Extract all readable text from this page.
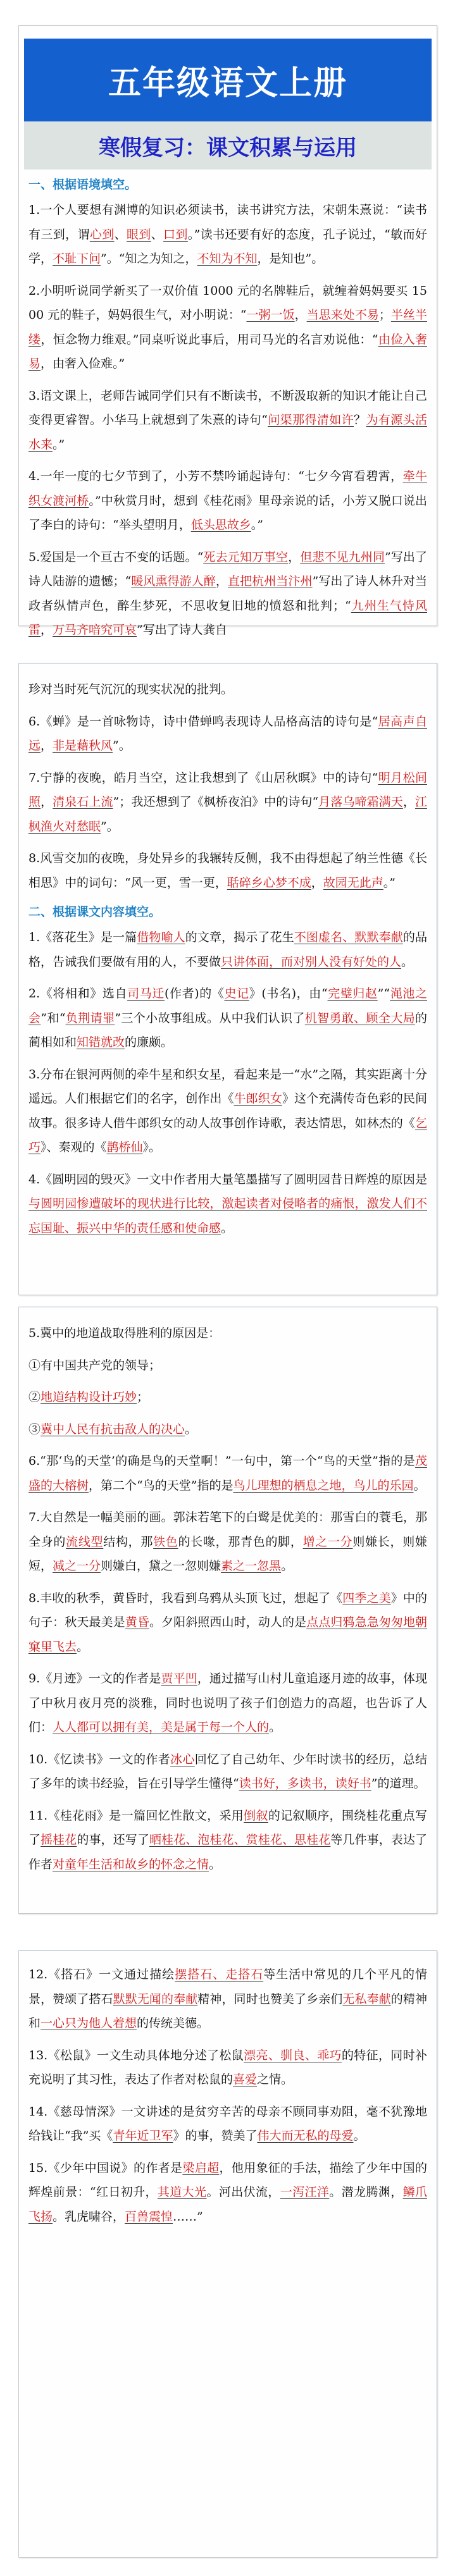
五年级语文上册
寒假复习：课文积累与运用
一、根据语境填空。

1.一个人要想有渊博的知识必须读书，读书讲究方法，宋朝朱熹说：“读书有三到，谓心到、眼到、口到。”读书还要有好的态度，孔子说过，“敏而好学，不耻下问”。“知之为知之，不知为不知，是知也”。

2.小明听说同学新买了一双价值 1000 元的名牌鞋后，就缠着妈妈要买 1500 元的鞋子，妈妈很生气，对小明说：“一粥一饭，当思来处不易；半丝半缕，恒念物力维艰。”同桌听说此事后，用司马光的名言劝说他：“由俭入奢易，由奢入俭难。”

3.语文课上，老师告诫同学们只有不断读书，不断汲取新的知识才能让自己变得更睿智。小华马上就想到了朱熹的诗句“问渠那得清如许？为有源头活水来。”

4.一年一度的七夕节到了，小芳不禁吟诵起诗句：“七夕今宵看碧霄，牵牛织女渡河桥。”中秋赏月时，想到《桂花雨》里母亲说的话，小芳又脱口说出了李白的诗句：“举头望明月，低头思故乡。”

5.爱国是一个亘古不变的话题。“死去元知万事空，但悲不见九州同”写出了诗人陆游的遗憾；“暖风熏得游人醉，直把杭州当汴州”写出了诗人林升对当政者纵情声色，醉生梦死，不思收复旧地的愤怒和批判；“九州生气恃风雷，万马齐喑究可哀”写出了诗人龚自

珍对当时死气沉沉的现实状况的批判。

6.《蝉》是一首咏物诗，诗中借蝉鸣表现诗人品格高洁的诗句是“居高声自远，非是藉秋风”。

7.宁静的夜晚，皓月当空，这让我想到了《山居秋暝》中的诗句“明月松间照，清泉石上流”；我还想到了《枫桥夜泊》中的诗句“月落乌啼霜满天，江枫渔火对愁眠”。

8.风雪交加的夜晚，身处异乡的我辗转反侧，我不由得想起了纳兰性德《长相思》中的词句：“风一更，雪一更，聒碎乡心梦不成，故园无此声。”

二、根据课文内容填空。

1.《落花生》是一篇借物喻人的文章，揭示了花生不图虚名、默默奉献的品格，告诫我们要做有用的人，不要做只讲体面，而对别人没有好处的人。

2.《将相和》选自司马迁(作者)的《史记》(书名)，由“完璧归赵”“渑池之会”和“负荆请罪”三个小故事组成。从中我们认识了机智勇敢、顾全大局的蔺相如和知错就改的廉颇。

3.分布在银河两侧的牵牛星和织女星，看起来是一“水”之隔，其实距离十分遥远。人们根据它们的名字，创作出《牛郎织女》这个充满传奇色彩的民间故事。很多诗人借牛郎织女的动人故事创作诗歌，表达情思，如林杰的《乞巧》、秦观的《鹊桥仙》。

4.《圆明园的毁灭》一文中作者用大量笔墨描写了圆明园昔日辉煌的原因是与圆明园惨遭破坏的现状进行比较，激起读者对侵略者的痛恨，激发人们不忘国耻、振兴中华的责任感和使命感。

5.冀中的地道战取得胜利的原因是：

①有中国共产党的领导；

②地道结构设计巧妙；

③冀中人民有抗击敌人的决心。

6.“那‘鸟的天堂’的确是鸟的天堂啊！”一句中，第一个“鸟的天堂”指的是茂盛的大榕树，第二个“鸟的天堂”指的是鸟儿理想的栖息之地，鸟儿的乐园。

7.大自然是一幅美丽的画。郭沫若笔下的白鹭是优美的：那雪白的蓑毛，那全身的流线型结构，那铁色的长喙，那青色的脚，增之一分则嫌长，则嫌短，减之一分则嫌白，黛之一忽则嫌素之一忽黑。

8.丰收的秋季，黄昏时，我看到乌鸦从头顶飞过，想起了《四季之美》中的句子：秋天最美是黄昏。夕阳斜照西山时，动人的是点点归鸦急急匆匆地朝窠里飞去。

9.《月迹》一文的作者是贾平凹，通过描写山村儿童追逐月迹的故事，体现了中秋月夜月亮的淡雅，同时也说明了孩子们创造力的高超，也告诉了人们：人人都可以拥有美，美是属于每一个人的。

10.《忆读书》一文的作者冰心回忆了自己幼年、少年时读书的经历，总结了多年的读书经验，旨在引导学生懂得“读书好，多读书，读好书”的道理。

11.《桂花雨》是一篇回忆性散文，采用倒叙的记叙顺序，围绕桂花重点写了摇桂花的事，还写了晒桂花、泡桂花、赏桂花、思桂花等几件事，表达了作者对童年生活和故乡的怀念之情。

12.《搭石》一文通过描绘摆搭石、走搭石等生活中常见的几个平凡的情景，赞颂了搭石默默无闻的奉献精神，同时也赞美了乡亲们无私奉献的精神和一心只为他人着想的传统美德。

13.《松鼠》一文生动具体地分述了松鼠漂亮、驯良、乖巧的特征，同时补充说明了其习性，表达了作者对松鼠的喜爱之情。

14.《慈母情深》一文讲述的是贫穷辛苦的母亲不顾同事劝阻，毫不犹豫地给钱让“我”买《青年近卫军》的事，赞美了伟大而无私的母爱。

15.《少年中国说》的作者是梁启超，他用象征的手法，描绘了少年中国的辉煌前景：“红日初升，其道大光。河出伏流，一泻汪洋。潜龙腾渊，鳞爪飞扬。乳虎啸谷，百兽震惶……”
